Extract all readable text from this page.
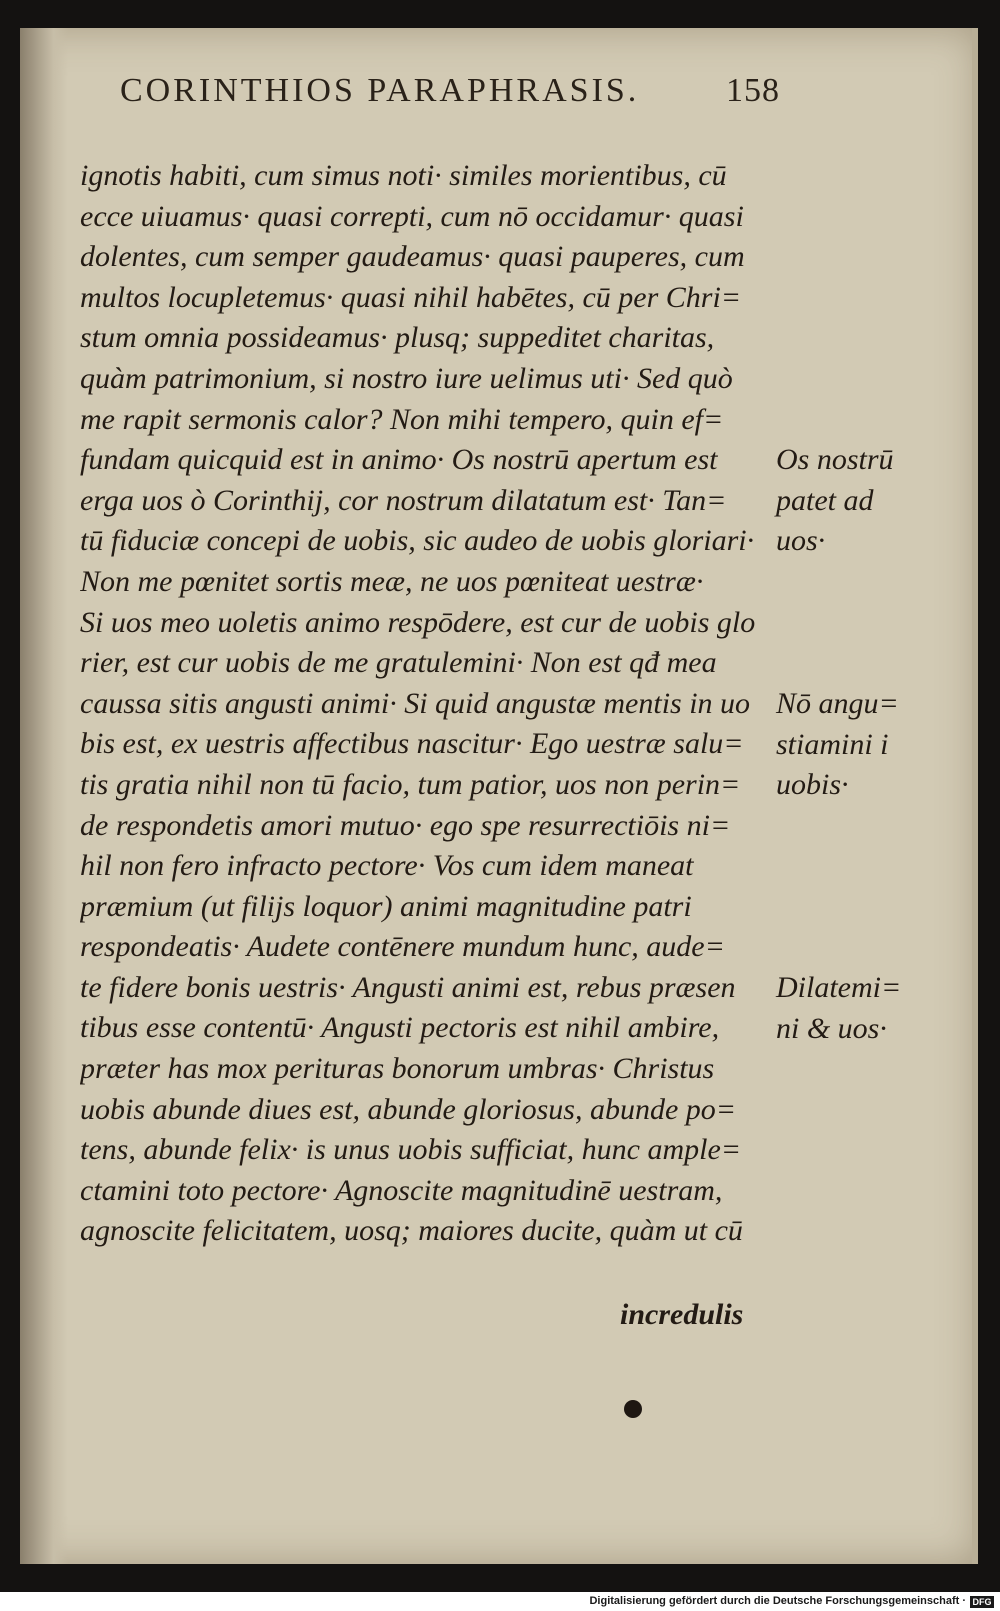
CORINTHIOS PARAPHRASIS.	158
ignotis habiti, cum simus noti· similes morientibus, cū
ecce uiuamus· quasi correpti, cum nō occidamur· quasi
dolentes, cum semper gaudeamus· quasi pauperes, cum
multos locupletemus· quasi nihil habētes, cū per Chri=
stum omnia possideamus· plusq; suppeditet charitas,
quàm patrimonium, si nostro iure uelimus uti· Sed quò
me rapit sermonis calor? Non mihi tempero, quin ef=
fundam quicquid est in animo· Os nostrū apertum est
erga uos ò Corinthij, cor nostrum dilatatum est· Tan=
tū fiduciæ concepi de uobis, sic audeo de uobis gloriari·
Non me pœnitet sortis meæ, ne uos pœniteat uestræ·
Si uos meo uoletis animo respōdere, est cur de uobis glo
rier, est cur uobis de me gratulemini· Non est qđ mea
caussa sitis angusti animi· Si quid angustæ mentis in uo
bis est, ex uestris affectibus nascitur· Ego uestræ salu=
tis gratia nihil non tū facio, tum patior, uos non perin=
de respondetis amori mutuo· ego spe resurrectiōis ni=
hil non fero infracto pectore· Vos cum idem maneat
præmium (ut filijs loquor) animi magnitudine patri
respondeatis· Audete contēnere mundum hunc, aude=
te fidere bonis uestris· Angusti animi est, rebus præsen
tibus esse contentū· Angusti pectoris est nihil ambire,
præter has mox perituras bonorum umbras· Christus
uobis abunde diues est, abunde gloriosus, abunde po=
tens, abunde felix· is unus uobis sufficiat, hunc ample=
ctamini toto pectore· Agnoscite magnitudinē uestram,
agnoscite felicitatem, uosq; maiores ducite, quàm ut cū
Os nostrū
patet ad
uos·
Nō angu=
stiamini i
uobis·
Dilatemi=
ni & uos·
incredulis
Digitalisierung gefördert durch die Deutsche Forschungsgemeinschaft · DFG
